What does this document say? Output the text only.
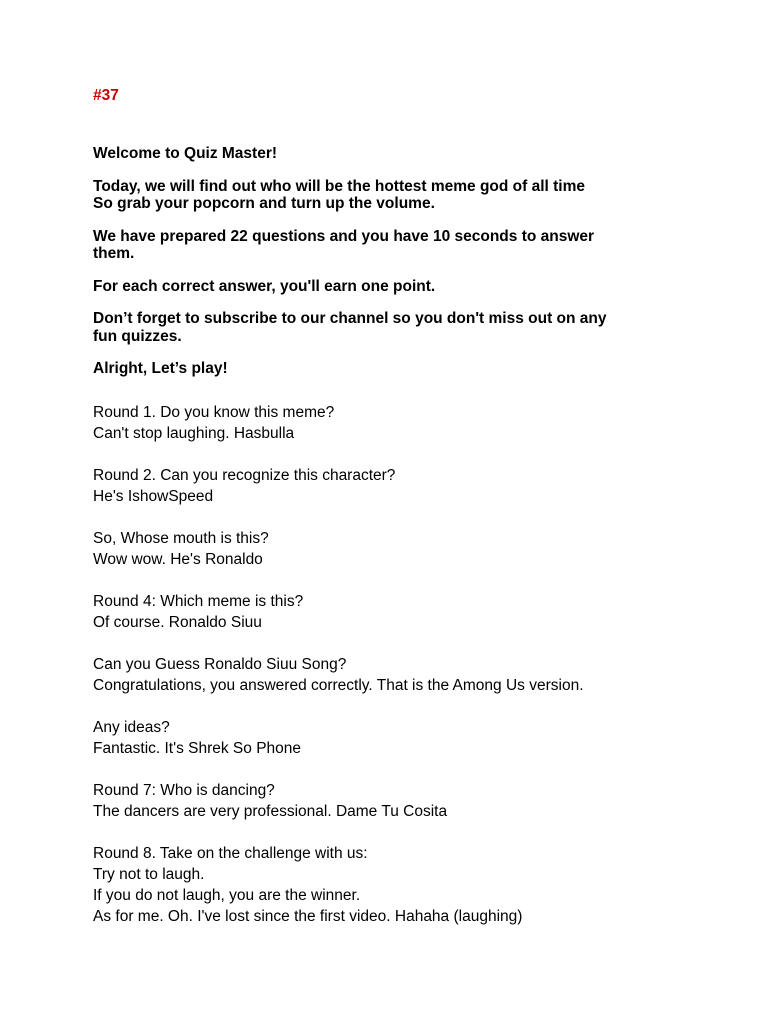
#37

Welcome to Quiz Master!

Today, we will find out who will be the hottest meme god of all time
So grab your popcorn and turn up the volume.

We have prepared 22 questions and you have 10 seconds to answer
them.

For each correct answer, you'll earn one point.

Don’t forget to subscribe to our channel so you don't miss out on any
fun quizzes.

Alright, Let’s play!

Round 1. Do you know this meme?
Can't stop laughing. Hasbulla
Round 2. Can you recognize this character?
He's IshowSpeed
So, Whose mouth is this?
Wow wow. He's Ronaldo
Round 4: Which meme is this?
Of course. Ronaldo Siuu
Can you Guess Ronaldo Siuu Song?
Congratulations, you answered correctly. That is the Among Us version.
Any ideas?
Fantastic. It's Shrek So Phone
Round 7: Who is dancing?
The dancers are very professional. Dame Tu Cosita
Round 8. Take on the challenge with us:
Try not to laugh.
If you do not laugh, you are the winner.
As for me. Oh. I've lost since the first video. Hahaha (laughing)
